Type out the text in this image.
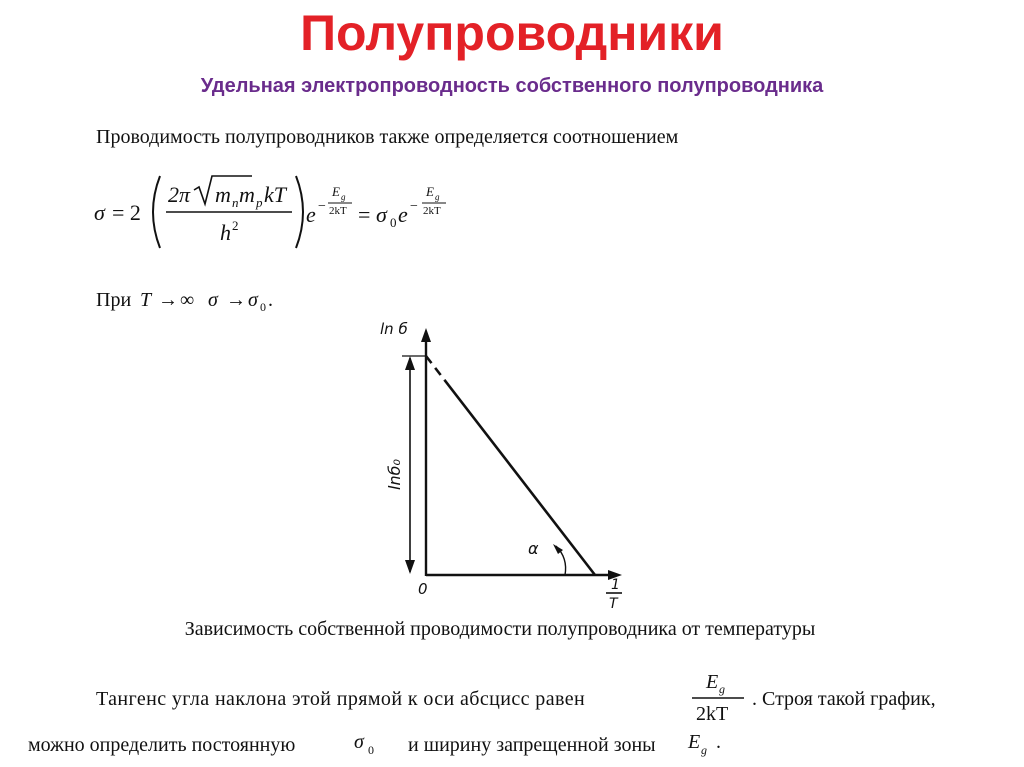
Полупроводники
Удельная электропроводность собственного полупроводника
Проводимость полупроводников также определяется соотношением
σ = 2
2π m n m p kT
h 2	e −
E g
2kT = σ 0 e −
E g
2kT
При T → ∞ σ → σ 0 .
ln б
0	1
T
lnб₀
α
Зависимость собственной проводимости полупроводника от температуры
Тангенс угла наклона этой прямой к оси абсцисс равен
E g
2kT
. Строя такой график,
можно определить постоянную	σ 0 и ширину запрещенной зоны E g .
